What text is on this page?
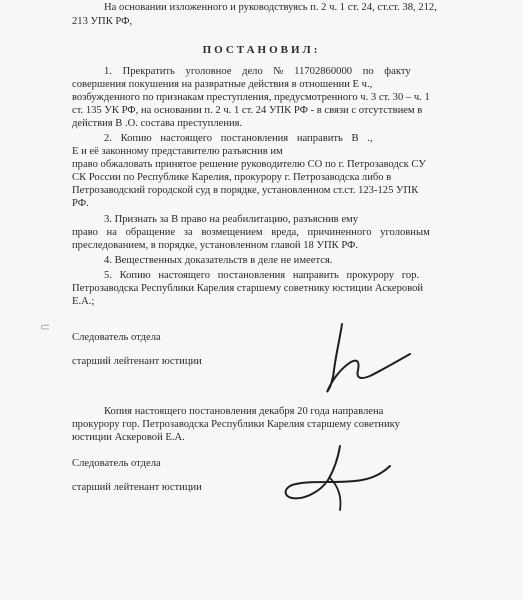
На основании изложенного и руководствуясь п. 2 ч. 1 ст. 24, ст.ст. 38, 212,
213 УПК РФ,
ПОСТАНОВИЛ:
1. Прекратить уголовное дело № 11702860000 по факту
совершения покушения на развратные действия в отношении Е ч.,
возбужденного по признакам преступления, предусмотренного ч. 3 ст. 30 – ч. 1
ст. 135 УК РФ, на основании п. 2 ч. 1 ст. 24 УПК РФ - в связи с отсутствием в
действия В .О. состава преступления.
2. Копию настоящего постановления направить В .,
Е и её законному представителю разъяснив им
право обжаловать принятое решение руководителю СО по г. Петрозаводск СУ
СК России по Республике Карелия, прокурору г. Петрозаводска либо в
Петрозаводский городской суд в порядке, установленном ст.ст. 123-125 УПК
РФ.
3. Признать за В право на реабилитацию, разъяснив ему
право на обращение за возмещением вреда, причиненного уголовным
преследованием, в порядке, установленном главой 18 УПК РФ.
4. Вещественных доказательств в деле не имеется.
5. Копию настоящего постановления направить прокурору гор.
Петрозаводска Республики Карелия старшему советнику юстиции Аскеровой
Е.А.;
⸦
Следователь отдела
старший лейтенант юстиции
Копия настоящего постановления декабря 20 года направлена
прокурору гор. Петрозаводска Республики Карелия старшему советнику
юстиции Аскеровой Е.А.
Следователь отдела
старший лейтенант юстиции
